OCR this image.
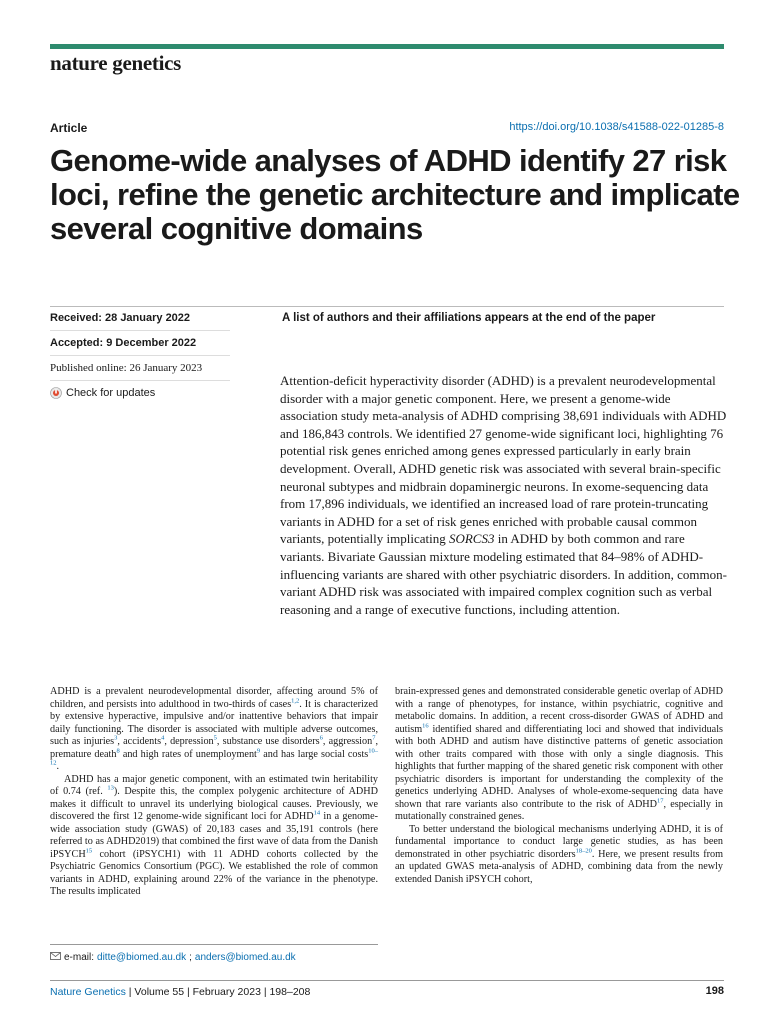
nature genetics
Article	https://doi.org/10.1038/s41588-022-01285-8
Genome-wide analyses of ADHD identify 27 risk loci, refine the genetic architecture and implicate several cognitive domains
Received: 28 January 2022
Accepted: 9 December 2022
Published online: 26 January 2023
Check for updates
A list of authors and their affiliations appears at the end of the paper

Attention-deficit hyperactivity disorder (ADHD) is a prevalent neurodevelopmental disorder with a major genetic component. Here, we present a genome-wide association study meta-analysis of ADHD comprising 38,691 individuals with ADHD and 186,843 controls. We identified 27 genome-wide significant loci, highlighting 76 potential risk genes enriched among genes expressed particularly in early brain development. Overall, ADHD genetic risk was associated with several brain-specific neuronal subtypes and midbrain dopaminergic neurons. In exome-sequencing data from 17,896 individuals, we identified an increased load of rare protein-truncating variants in ADHD for a set of risk genes enriched with probable causal common variants, potentially implicating SORCS3 in ADHD by both common and rare variants. Bivariate Gaussian mixture modeling estimated that 84–98% of ADHD-influencing variants are shared with other psychiatric disorders. In addition, common-variant ADHD risk was associated with impaired complex cognition such as verbal reasoning and a range of executive functions, including attention.

ADHD is a prevalent neurodevelopmental disorder, affecting around 5% of children, and persists into adulthood in two-thirds of cases$^{1,2}$. It is characterized by extensive hyperactive, impulsive and/or inattentive behaviors that impair daily functioning. The disorder is associated with multiple adverse outcomes, such as injuries$^3$, accidents$^4$, depression$^5$, substance use disorders$^6$, aggression$^7$, premature death$^8$ and high rates of unemployment$^9$ and has large social costs$^{10-12}$.

ADHD has a major genetic component, with an estimated twin heritability of 0.74 (ref. $^{13}$). Despite this, the complex polygenic architecture of ADHD makes it difficult to unravel its underlying biological causes. Previously, we discovered the first 12 genome-wide significant loci for ADHD$^{14}$ in a genome-wide association study (GWAS) of 20,183 cases and 35,191 controls (here referred to as ADHD2019) that combined the first wave of data from the Danish iPSYCH$^{15}$ cohort (iPSYCH1) with 11 ADHD cohorts collected by the Psychiatric Genomics Consortium (PGC). We established the role of common variants in ADHD, explaining around 22% of the variance in the phenotype. The results implicated

brain-expressed genes and demonstrated considerable genetic overlap of ADHD with a range of phenotypes, for instance, within psychiatric, cognitive and metabolic domains. In addition, a recent cross-disorder GWAS of ADHD and autism$^{16}$ identified shared and differentiating loci and showed that individuals with both ADHD and autism have distinctive patterns of genetic association with other traits compared with those with only a single diagnosis. This highlights that further mapping of the shared genetic risk component with other psychiatric disorders is important for understanding the complexity of the genetics underlying ADHD. Analyses of whole-exome-sequencing data have shown that rare variants also contribute to the risk of ADHD$^{17}$, especially in mutationally constrained genes.

To better understand the biological mechanisms underlying ADHD, it is of fundamental importance to conduct large genetic studies, as has been demonstrated in other psychiatric disorders$^{18-20}$. Here, we present results from an updated GWAS meta-analysis of ADHD, combining data from the newly extended Danish iPSYCH cohort,

e-mail: ditte@biomed.au.dk ; anders@biomed.au.dk
Nature Genetics | Volume 55 | February 2023 | 198–208	198
